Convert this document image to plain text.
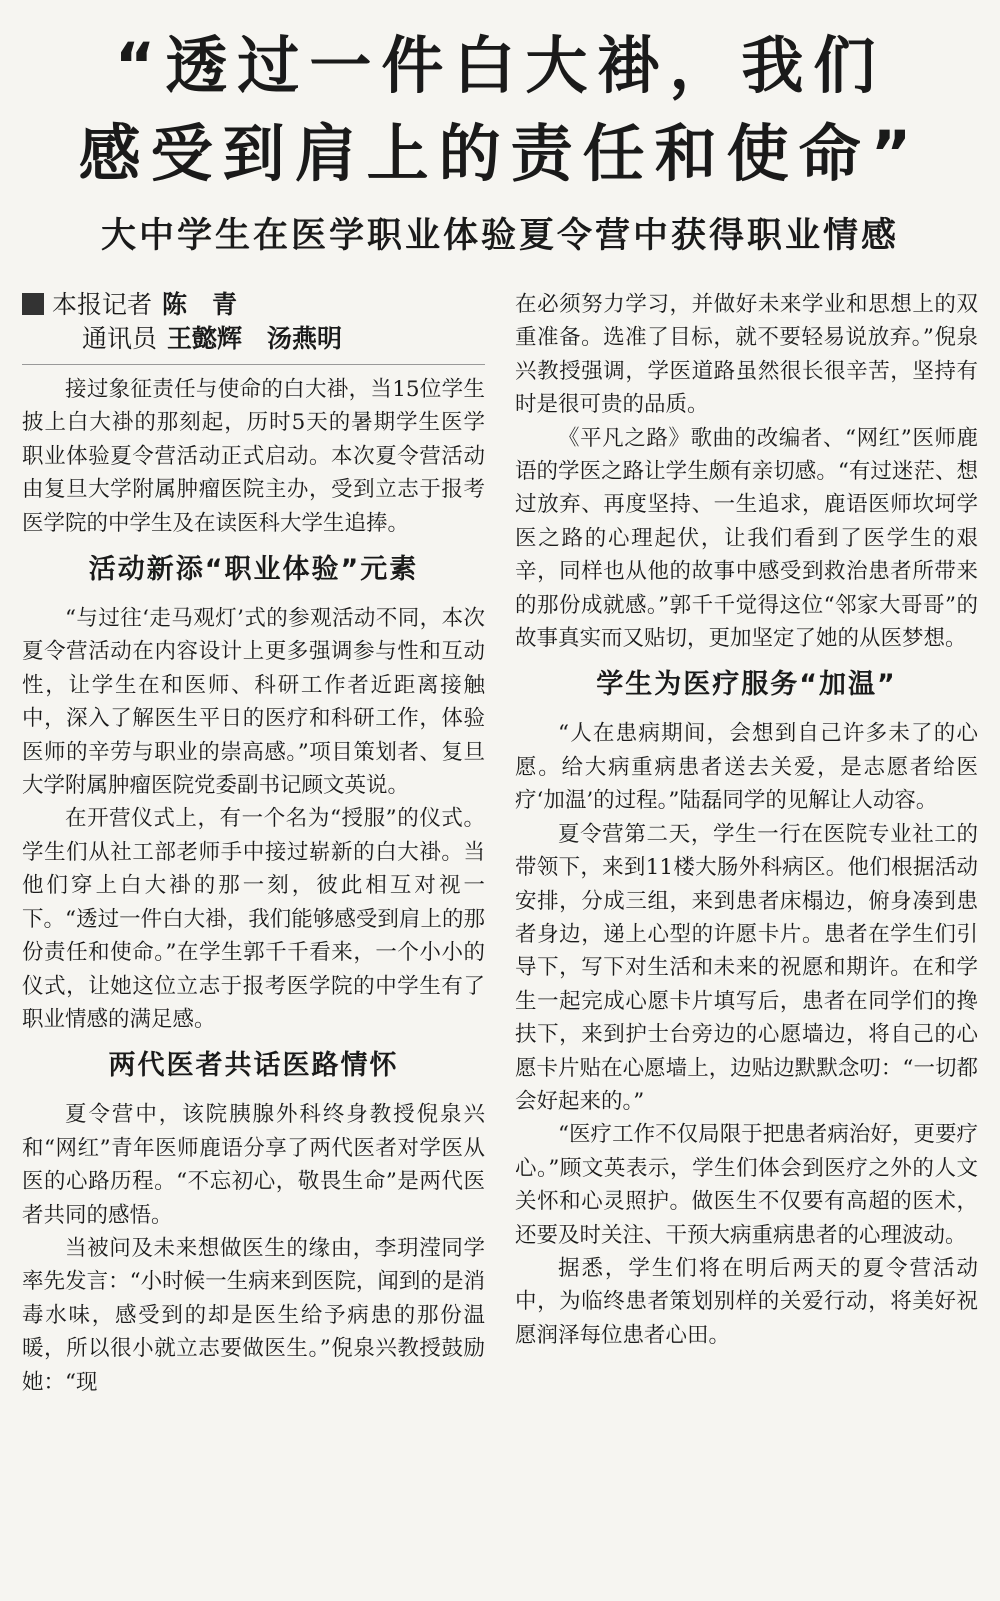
“透过一件白大褂，我们
感受到肩上的责任和使命”
大中学生在医学职业体验夏令营中获得职业情感
本报记者 陈　青
通讯员 王懿辉　汤燕明

接过象征责任与使命的白大褂，当15位学生披上白大褂的那刻起，历时5天的暑期学生医学职业体验夏令营活动正式启动。本次夏令营活动由复旦大学附属肿瘤医院主办，受到立志于报考医学院的中学生及在读医科大学生追捧。

活动新添“职业体验”元素

“与过往‘走马观灯’式的参观活动不同，本次夏令营活动在内容设计上更多强调参与性和互动性，让学生在和医师、科研工作者近距离接触中，深入了解医生平日的医疗和科研工作，体验医师的辛劳与职业的崇高感。”项目策划者、复旦大学附属肿瘤医院党委副书记顾文英说。

在开营仪式上，有一个名为“授服”的仪式。学生们从社工部老师手中接过崭新的白大褂。当他们穿上白大褂的那一刻，彼此相互对视一下。“透过一件白大褂，我们能够感受到肩上的那份责任和使命。”在学生郭千千看来，一个小小的仪式，让她这位立志于报考医学院的中学生有了职业情感的满足感。

两代医者共话医路情怀

夏令营中，该院胰腺外科终身教授倪泉兴和“网红”青年医师鹿语分享了两代医者对学医从医的心路历程。“不忘初心，敬畏生命”是两代医者共同的感悟。

当被问及未来想做医生的缘由，李玥滢同学率先发言：“小时候一生病来到医院，闻到的是消毒水味，感受到的却是医生给予病患的那份温暖，所以很小就立志要做医生。”倪泉兴教授鼓励她：“现

在必须努力学习，并做好未来学业和思想上的双重准备。选准了目标，就不要轻易说放弃。”倪泉兴教授强调，学医道路虽然很长很辛苦，坚持有时是很可贵的品质。

《平凡之路》歌曲的改编者、“网红”医师鹿语的学医之路让学生颇有亲切感。“有过迷茫、想过放弃、再度坚持、一生追求，鹿语医师坎坷学医之路的心理起伏，让我们看到了医学生的艰辛，同样也从他的故事中感受到救治患者所带来的那份成就感。”郭千千觉得这位“邻家大哥哥”的故事真实而又贴切，更加坚定了她的从医梦想。

学生为医疗服务“加温”

“人在患病期间，会想到自己许多未了的心愿。给大病重病患者送去关爱，是志愿者给医疗‘加温’的过程。”陆磊同学的见解让人动容。

夏令营第二天，学生一行在医院专业社工的带领下，来到11楼大肠外科病区。他们根据活动安排，分成三组，来到患者床榻边，俯身凑到患者身边，递上心型的许愿卡片。患者在学生们引导下，写下对生活和未来的祝愿和期许。在和学生一起完成心愿卡片填写后，患者在同学们的搀扶下，来到护士台旁边的心愿墙边，将自己的心愿卡片贴在心愿墙上，边贴边默默念叨：“一切都会好起来的。”

“医疗工作不仅局限于把患者病治好，更要疗心。”顾文英表示，学生们体会到医疗之外的人文关怀和心灵照护。做医生不仅要有高超的医术，还要及时关注、干预大病重病患者的心理波动。

据悉，学生们将在明后两天的夏令营活动中，为临终患者策划别样的关爱行动，将美好祝愿润泽每位患者心田。
